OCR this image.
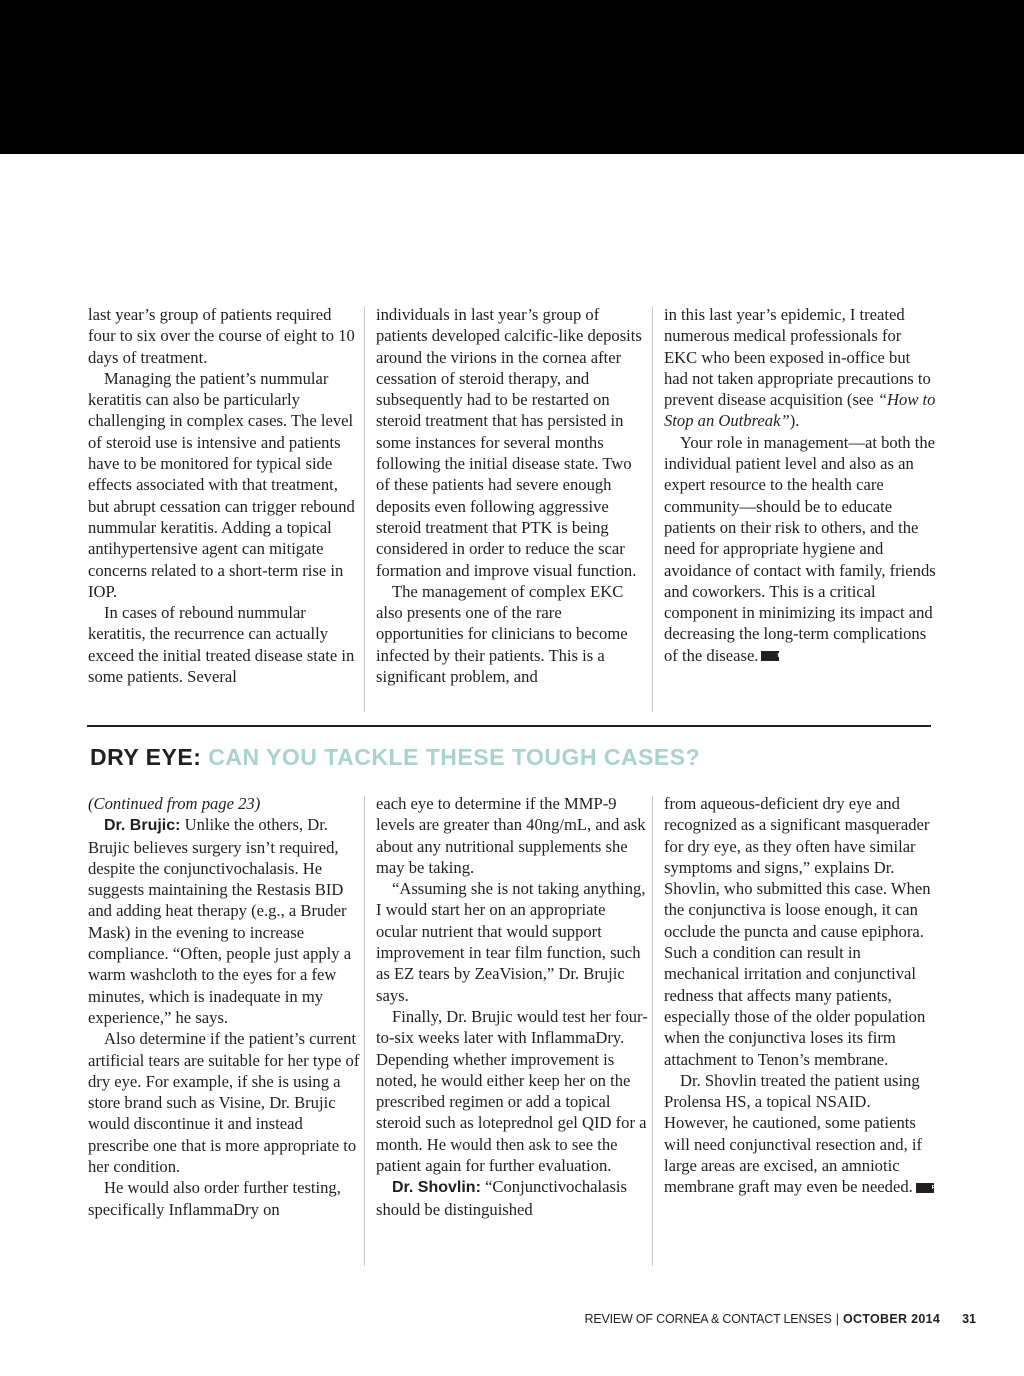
last year’s group of patients required four to six over the course of eight to 10 days of treatment.

Managing the patient’s nummular keratitis can also be particularly challenging in complex cases. The level of steroid use is intensive and patients have to be monitored for typical side effects associated with that treatment, but abrupt cessation can trigger rebound nummular keratitis. Adding a topical antihypertensive agent can mitigate concerns related to a short-term rise in IOP.

In cases of rebound nummular keratitis, the recurrence can actually exceed the initial treated disease state in some patients. Several

individuals in last year’s group of patients developed calcific-like deposits around the virions in the cornea after cessation of steroid therapy, and subsequently had to be restarted on steroid treatment that has persisted in some instances for several months following the initial disease state. Two of these patients had severe enough deposits even following aggressive steroid treatment that PTK is being considered in order to reduce the scar formation and improve visual function.

The management of complex EKC also presents one of the rare opportunities for clinicians to become infected by their patients. This is a significant problem, and

in this last year’s epidemic, I treated numerous medical professionals for EKC who been exposed in-office but had not taken appropriate precautions to prevent disease acquisition (see “How to Stop an Outbreak”).

Your role in management—at both the individual patient level and also as an expert resource to the health care community—should be to educate patients on their risk to others, and the need for appropriate hygiene and avoidance of contact with family, friends and coworkers. This is a critical component in minimizing its impact and decreasing the long-term complications of the disease.	RCCL

DRY EYE: CAN YOU TACKLE THESE TOUGH CASES?

(Continued from page 23)

Dr. Brujic: Unlike the others, Dr. Brujic believes surgery isn’t required, despite the conjunctivochalasis. He suggests maintaining the Restasis BID and adding heat therapy (e.g., a Bruder Mask) in the evening to increase compliance. “Often, people just apply a warm washcloth to the eyes for a few minutes, which is inadequate in my experience,” he says.

Also determine if the patient’s current artificial tears are suitable for her type of dry eye. For example, if she is using a store brand such as Visine, Dr. Brujic would discontinue it and instead prescribe one that is more appropriate to her condition.

He would also order further testing, specifically InflammaDry on

each eye to determine if the MMP-9 levels are greater than 40ng/mL, and ask about any nutritional supplements she may be taking.

“Assuming she is not taking anything, I would start her on an appropriate ocular nutrient that would support improvement in tear film function, such as EZ tears by ZeaVision,” Dr. Brujic says.

Finally, Dr. Brujic would test her four-to-six weeks later with InflammaDry. Depending whether improvement is noted, he would either keep her on the prescribed regimen or add a topical steroid such as loteprednol gel QID for a month. He would then ask to see the patient again for further evaluation.

Dr. Shovlin: “Conjunctivochalasis should be distinguished

from aqueous-deficient dry eye and recognized as a significant masquerader for dry eye, as they often have similar symptoms and signs,” explains Dr. Shovlin, who submitted this case. When the conjunctiva is loose enough, it can occlude the puncta and cause epiphora. Such a condition can result in mechanical irritation and conjunctival redness that affects many patients, especially those of the older population when the conjunctiva loses its firm attachment to Tenon’s membrane.

Dr. Shovlin treated the patient using Prolensa HS, a topical NSAID. However, he cautioned, some patients will need conjunctival resection and, if large areas are excised, an amniotic membrane graft may even be needed.	RCCL

REVIEW OF CORNEA & CONTACT LENSES | OCTOBER 2014 31
